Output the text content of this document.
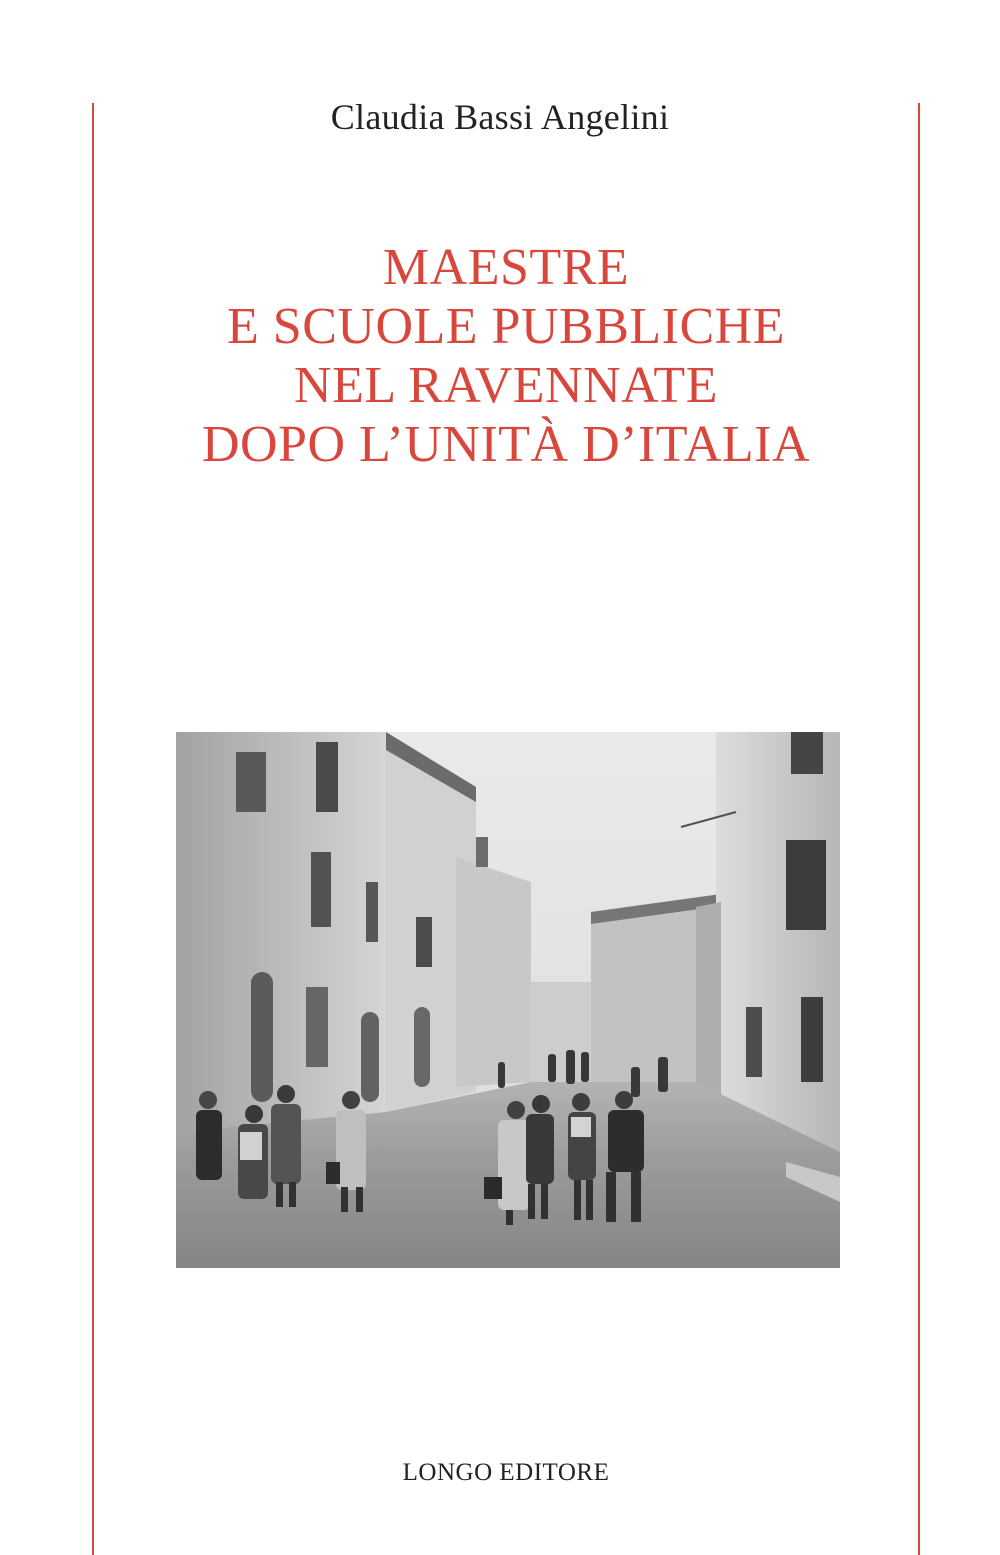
Claudia Bassi Angelini
MAESTRE
E SCUOLE PUBBLICHE
NEL RAVENNATE
DOPO L’UNITÀ D’ITALIA
LONGO EDITORE
